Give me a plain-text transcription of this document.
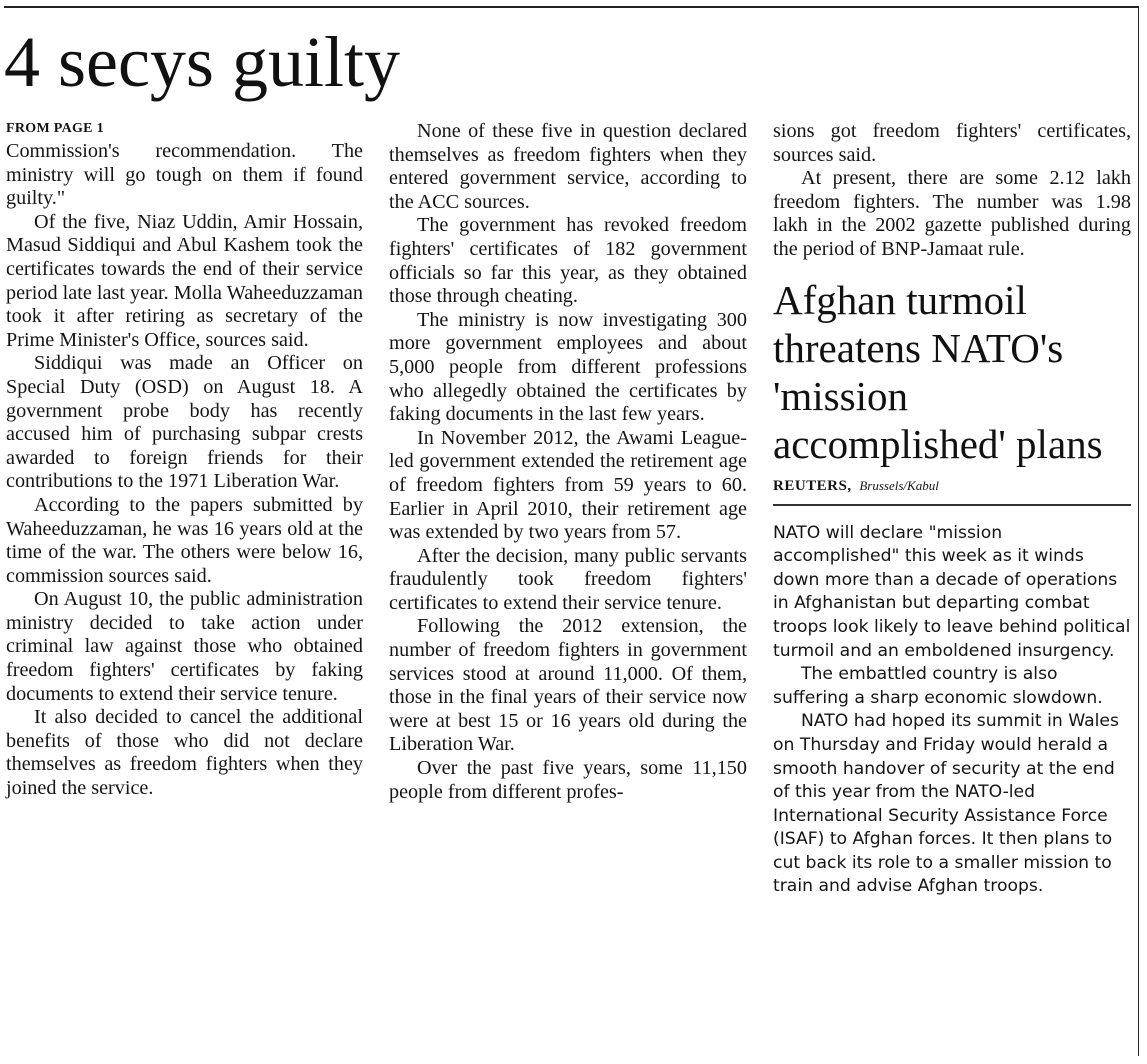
4 secys guilty
FROM PAGE 1

Commission's recommendation. The ministry will go tough on them if found guilty."

Of the five, Niaz Uddin, Amir Hossain, Masud Siddiqui and Abul Kashem took the certificates towards the end of their service period late last year. Molla Waheeduzzaman took it after retiring as secretary of the Prime Minister's Office, sources said.

Siddiqui was made an Officer on Special Duty (OSD) on August 18. A government probe body has recently accused him of purchasing subpar crests awarded to foreign friends for their contributions to the 1971 Liberation War.

According to the papers submitted by Waheeduzzaman, he was 16 years old at the time of the war. The others were below 16, commission sources said.

On August 10, the public administration ministry decided to take action under criminal law against those who obtained freedom fighters' certificates by faking documents to extend their service tenure.

It also decided to cancel the additional benefits of those who did not declare themselves as freedom fighters when they joined the service.

None of these five in question declared themselves as freedom fighters when they entered government service, according to the ACC sources.

The government has revoked freedom fighters' certificates of 182 government officials so far this year, as they obtained those through cheating.

The ministry is now investigating 300 more government employees and about 5,000 people from different professions who allegedly obtained the certificates by faking documents in the last few years.

In November 2012, the Awami League-led government extended the retirement age of freedom fighters from 59 years to 60. Earlier in April 2010, their retirement age was extended by two years from 57.

After the decision, many public servants fraudulently took freedom fighters' certificates to extend their service tenure.

Following the 2012 extension, the number of freedom fighters in government services stood at around 11,000. Of them, those in the final years of their service now were at best 15 or 16 years old during the Liberation War.

Over the past five years, some 11,150 people from different profes-

sions got freedom fighters' certificates, sources said.

At present, there are some 2.12 lakh freedom fighters. The number was 1.98 lakh in the 2002 gazette published during the period of BNP-Jamaat rule.

Afghan turmoil threatens NATO's 'mission accomplished' plans
REUTERS, Brussels/Kabul

NATO will declare "mission accomplished" this week as it winds down more than a decade of operations in Afghanistan but departing combat troops look likely to leave behind political turmoil and an emboldened insurgency.

The embattled country is also suffering a sharp economic slowdown.

NATO had hoped its summit in Wales on Thursday and Friday would herald a smooth handover of security at the end of this year from the NATO-led International Security Assistance Force (ISAF) to Afghan forces. It then plans to cut back its role to a smaller mission to train and advise Afghan troops.
